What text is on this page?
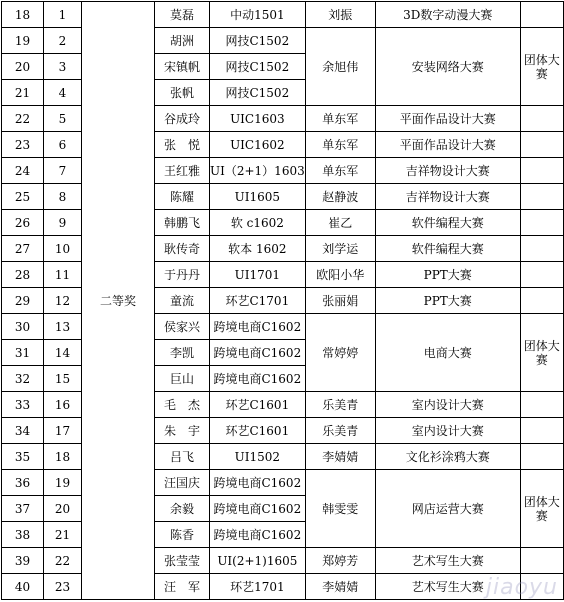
18	1	二等奖	莫磊	中动1501	刘振	3D数字动漫大赛	
19	2		胡洲	网技C1502	余旭伟	安装网络大赛	团体大赛
20	3		宋镇帆	网技C1502			
21	4		张帆	网技C1502			
22	5		谷成玲	UIC1603	单东军	平面作品设计大赛	
23	6		张　悦	UIC1602	单东军	平面作品设计大赛	
24	7		王红雅	UI（2+1）1603	单东军	吉祥物设计大赛	
25	8		陈耀	UI1605	赵静波	吉祥物设计大赛	
26	9		韩鹏飞	软 c1602	崔乙	软件编程大赛	
27	10		耿传奇	软本 1602	刘学运	软件编程大赛	
28	11		于丹丹	UI1701	欧阳小华	PPT大赛	
29	12		童流	环艺C1701	张丽娟	PPT大赛	
30	13		侯家兴	跨境电商C1602	常婷婷	电商大赛	团体大赛
31	14		李凯	跨境电商C1602			
32	15		巨山	跨境电商C1602			
33	16		毛　杰	环艺C1601	乐美青	室内设计大赛	
34	17		朱　宇	环艺C1601	乐美青	室内设计大赛	
35	18		吕飞	UI1502	李婧婧	文化衫涂鸦大赛	
36	19		汪国庆	跨境电商C1602	韩雯雯	网店运营大赛	团体大赛
37	20		余毅	跨境电商C1602			
38	21		陈香	跨境电商C1602			
39	22		张莹莹	UI(2+1)1605	郑婷芳	艺术写生大赛	
40	23		汪　军	环艺1701	李婧婧	艺术写生大赛	jiaoyu
